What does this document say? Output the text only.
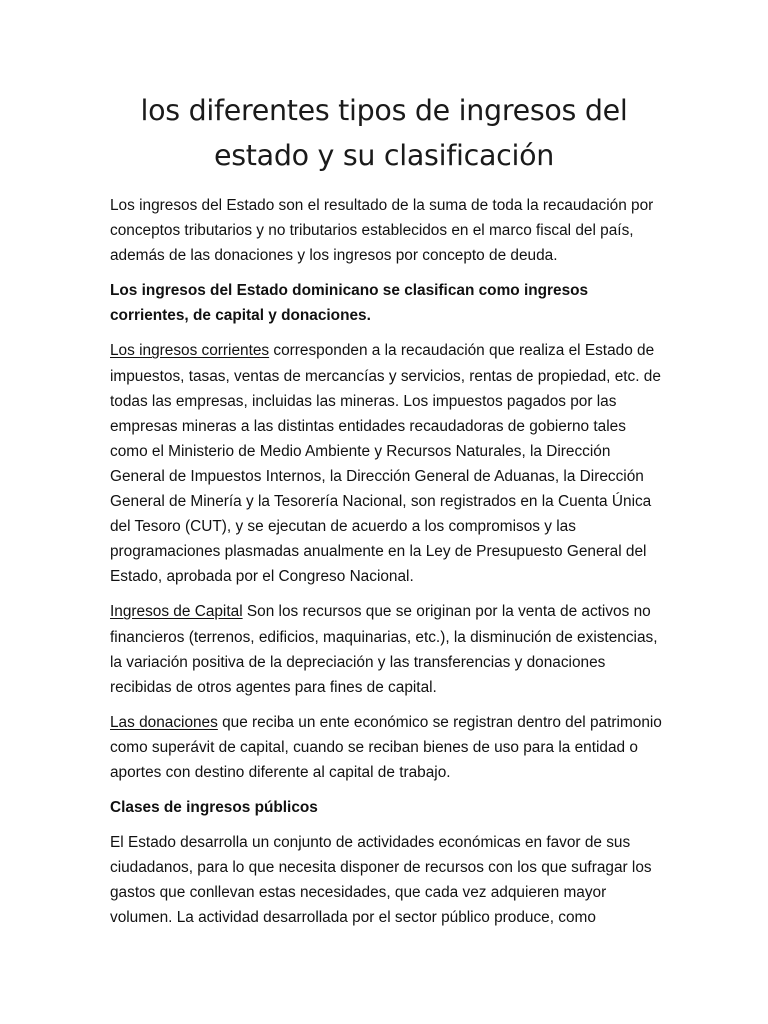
los diferentes tipos de ingresos del estado y su clasificación

Los ingresos del Estado son el resultado de la suma de toda la recaudación por conceptos tributarios y no tributarios establecidos en el marco fiscal del país, además de las donaciones y los ingresos por concepto de deuda.

Los ingresos del Estado dominicano se clasifican como ingresos corrientes, de capital y donaciones.

Los ingresos corrientes corresponden a la recaudación que realiza el Estado de impuestos, tasas, ventas de mercancías y servicios, rentas de propiedad, etc. de todas las empresas, incluidas las mineras. Los impuestos pagados por las empresas mineras a las distintas entidades recaudadoras de gobierno tales como el Ministerio de Medio Ambiente y Recursos Naturales, la Dirección General de Impuestos Internos, la Dirección General de Aduanas, la Dirección General de Minería y la Tesorería Nacional, son registrados en la Cuenta Única del Tesoro (CUT), y se ejecutan de acuerdo a los compromisos y las programaciones plasmadas anualmente en la Ley de Presupuesto General del Estado, aprobada por el Congreso Nacional.

Ingresos de Capital Son los recursos que se originan por la venta de activos no financieros (terrenos, edificios, maquinarias, etc.), la disminución de existencias, la variación positiva de la depreciación y las transferencias y donaciones recibidas de otros agentes para fines de capital.

Las donaciones que reciba un ente económico se registran dentro del patrimonio como superávit de capital, cuando se reciban bienes de uso para la entidad o aportes con destino diferente al capital de trabajo.

Clases de ingresos públicos

El Estado desarrolla un conjunto de actividades económicas en favor de sus ciudadanos, para lo que necesita disponer de recursos con los que sufragar los gastos que conllevan estas necesidades, que cada vez adquieren mayor volumen. La actividad desarrollada por el sector público produce, como
